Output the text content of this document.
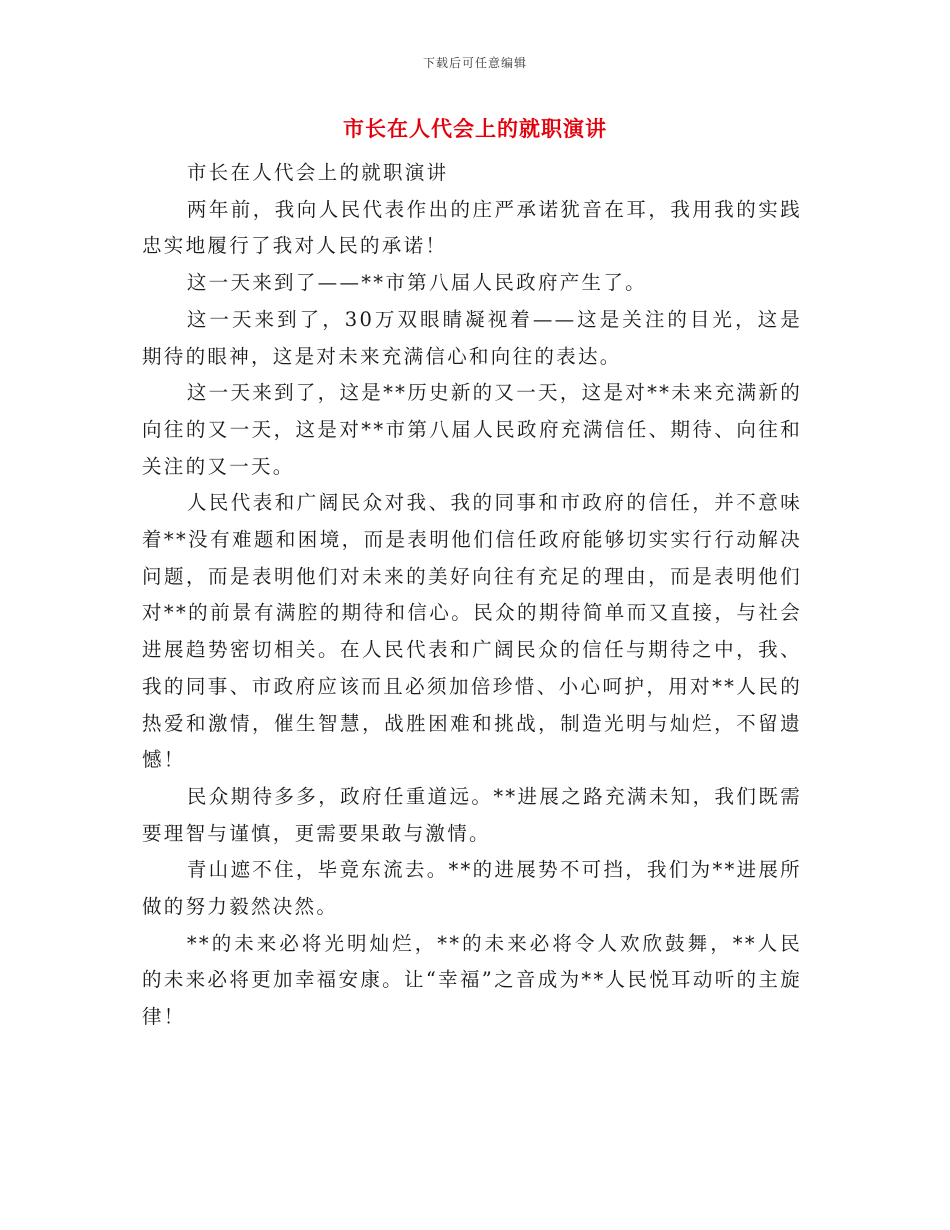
下载后可任意编辑
市长在人代会上的就职演讲

市长在人代会上的就职演讲

两年前，我向人民代表作出的庄严承诺犹音在耳，我用我的实践忠实地履行了我对人民的承诺！

这一天来到了——**市第八届人民政府产生了。

这一天来到了，30万双眼睛凝视着——这是关注的目光，这是期待的眼神，这是对未来充满信心和向往的表达。

这一天来到了，这是**历史新的又一天，这是对**未来充满新的向往的又一天，这是对**市第八届人民政府充满信任、期待、向往和关注的又一天。

人民代表和广阔民众对我、我的同事和市政府的信任，并不意味着**没有难题和困境，而是表明他们信任政府能够切实实行行动解决问题，而是表明他们对未来的美好向往有充足的理由，而是表明他们对**的前景有满腔的期待和信心。民众的期待简单而又直接，与社会进展趋势密切相关。在人民代表和广阔民众的信任与期待之中，我、我的同事、市政府应该而且必须加倍珍惜、小心呵护，用对**人民的热爱和激情，催生智慧，战胜困难和挑战，制造光明与灿烂，不留遗憾！

民众期待多多，政府任重道远。**进展之路充满未知，我们既需要理智与谨慎，更需要果敢与激情。

青山遮不住，毕竟东流去。**的进展势不可挡，我们为**进展所做的努力毅然决然。

**的未来必将光明灿烂，**的未来必将令人欢欣鼓舞，**人民的未来必将更加幸福安康。让“幸福”之音成为**人民悦耳动听的主旋律！
